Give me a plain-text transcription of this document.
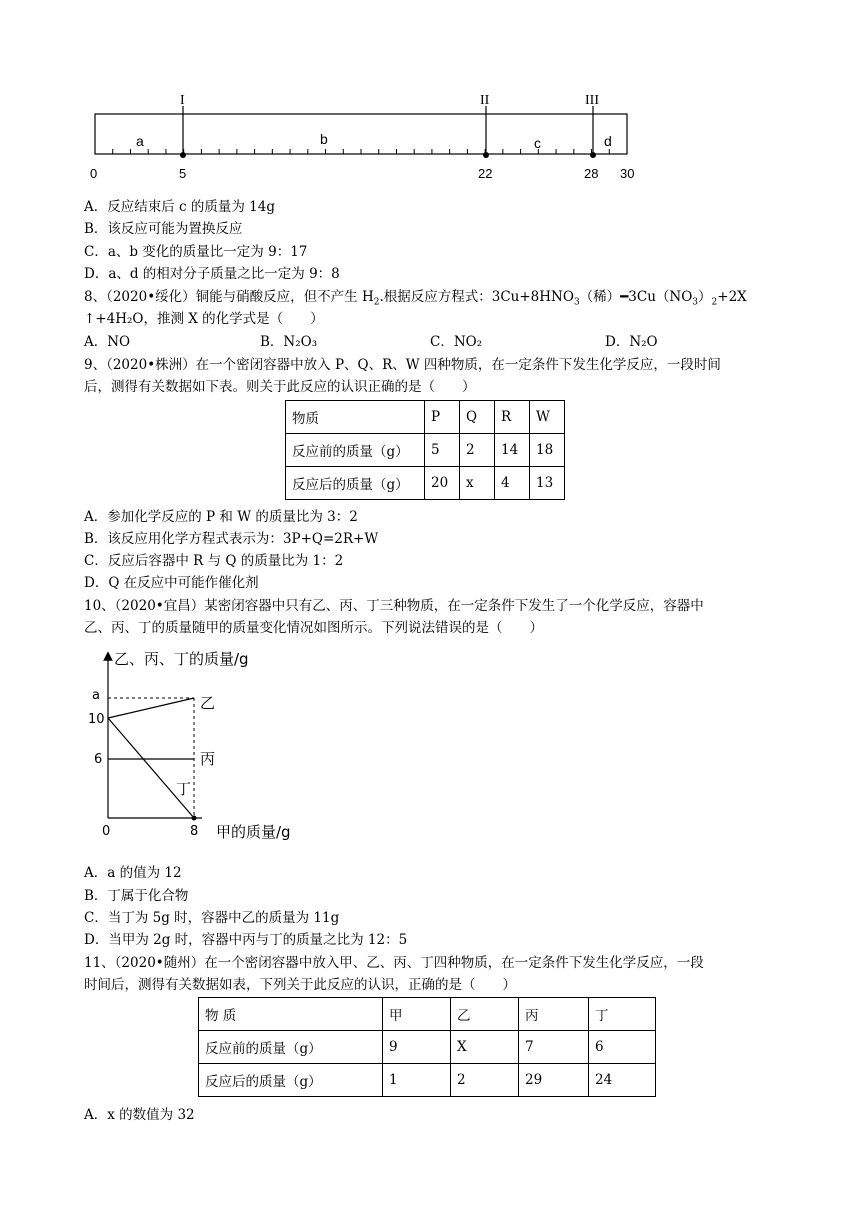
I	II	III
a	b	c	d
0	5	22	28 30
A．反应结束后 c 的质量为 14g
B．该反应可能为置换反应
C．a、b 变化的质量比一定为 9：17
D．a、d 的相对分子质量之比一定为 9：8
8、（2020•绥化）铜能与硝酸反应，但不产生 $H_2$.根据反应方程式：$3Cu+8HNO_3$（稀）$━3Cu(NO_3)_2+2X$
↑+4H₂O，推测 X 的化学式是（　　）
A．NO	B．N₂O₃	C．NO₂	D．N₂O
9、（2020•株洲）在一个密闭容器中放入 P、Q、R、W 四种物质，在一定条件下发生化学反应，一段时间
后，测得有关数据如下表。则关于此反应的认识正确的是（　　）
物质	P	Q	R	W
反应前的质量（g）	5	2	14	18
反应后的质量（g）	20	x	4	13
A．参加化学反应的 P 和 W 的质量比为 3：2
B．该反应用化学方程式表示为：3P+Q=2R+W
C．反应后容器中 R 与 Q 的质量比为 1：2
D．Q 在反应中可能作催化剂
10、（2020•宜昌）某密闭容器中只有乙、丙、丁三种物质，在一定条件下发生了一个化学反应，容器中
乙、丙、丁的质量随甲的质量变化情况如图所示。下列说法错误的是（　　）
乙、丙、丁的质量/g
a
10
6
乙
丙
丁
0	8 甲的质量/g
A．a 的值为 12
B．丁属于化合物
C．当丁为 5g 时，容器中乙的质量为 11g
D．当甲为 2g 时，容器中丙与丁的质量之比为 12：5
11、（2020•随州）在一个密闭容器中放入甲、乙、丙、丁四种物质，在一定条件下发生化学反应，一段
时间后，测得有关数据如表，下列关于此反应的认识，正确的是（　　）
物 质	甲	乙	丙	丁
反应前的质量（g）	9	X	7	6
反应后的质量（g）	1	2	29	24
A．x 的数值为 32
